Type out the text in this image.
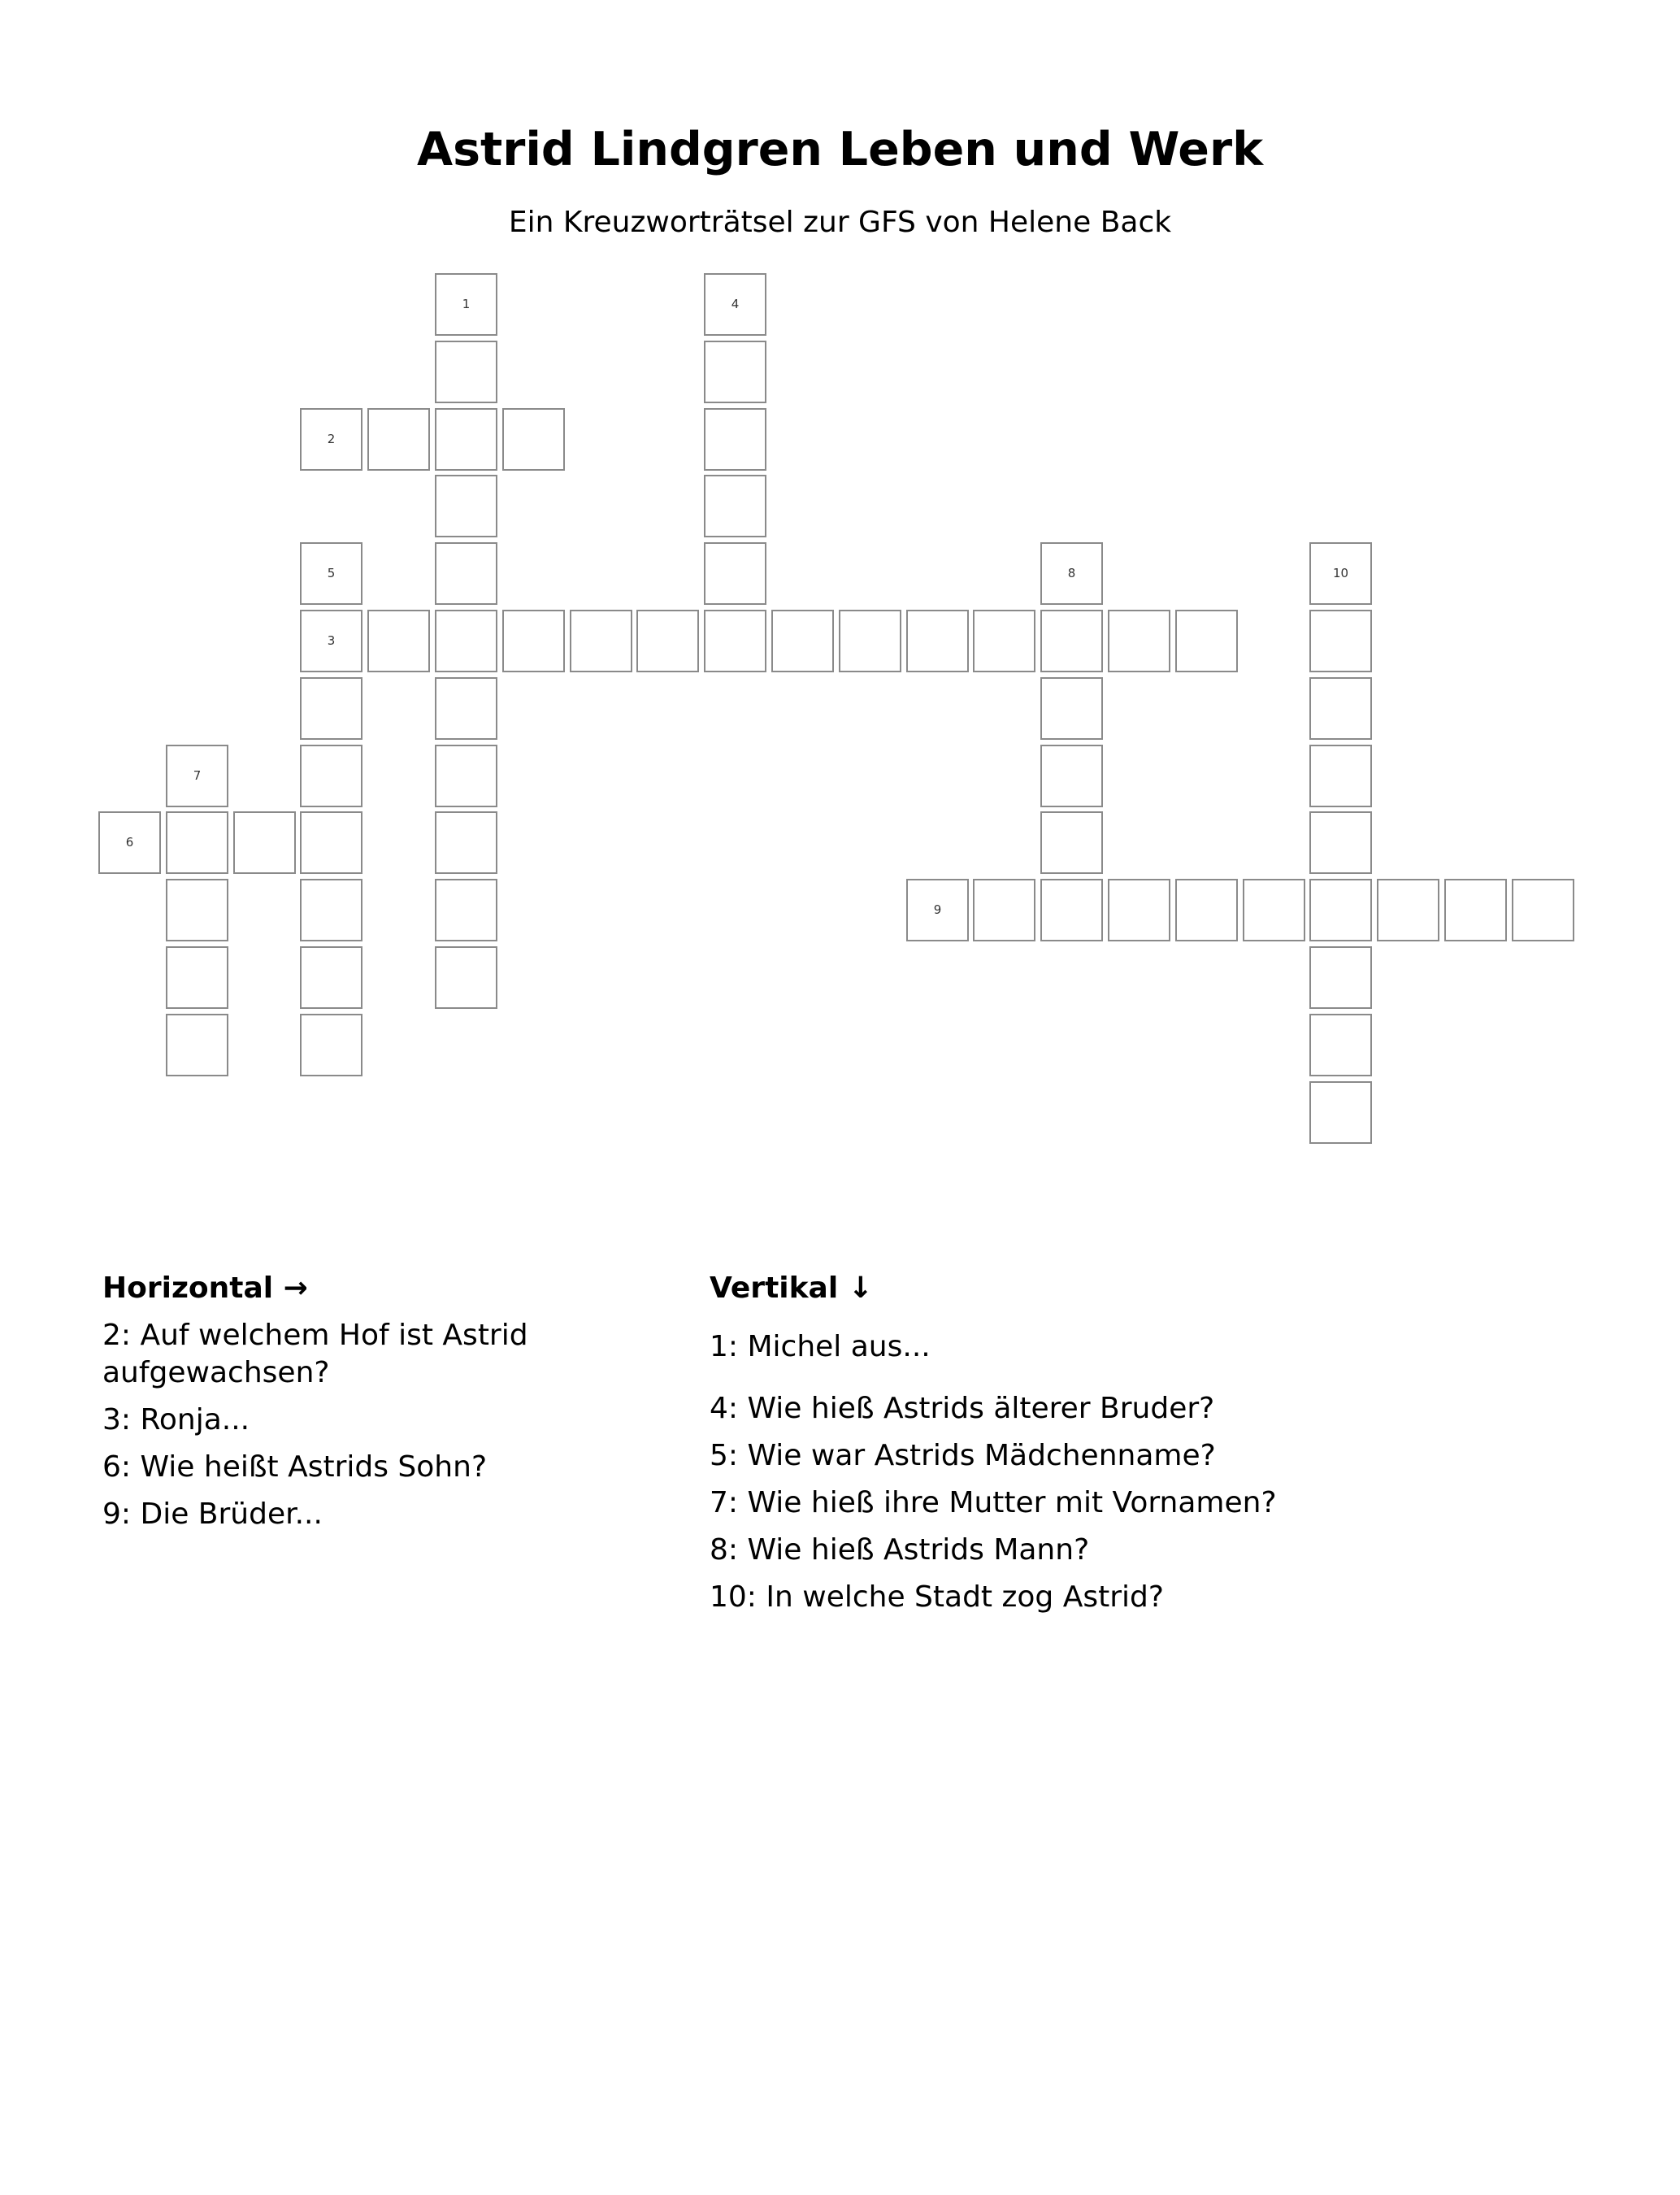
Astrid Lindgren Leben und Werk

Ein Kreuzworträtsel zur GFS von Helene Back

1	4
2
5	8	10
3
7
6
9
Horizontal →
2: Auf welchem Hof ist Astrid aufgewachsen?
3: Ronja...
6: Wie heißt Astrids Sohn?
9: Die Brüder...
Vertikal ↓
1: Michel aus...
4: Wie hieß Astrids älterer Bruder?
5: Wie war Astrids Mädchenname?
7: Wie hieß ihre Mutter mit Vornamen?
8: Wie hieß Astrids Mann?
10: In welche Stadt zog Astrid?
